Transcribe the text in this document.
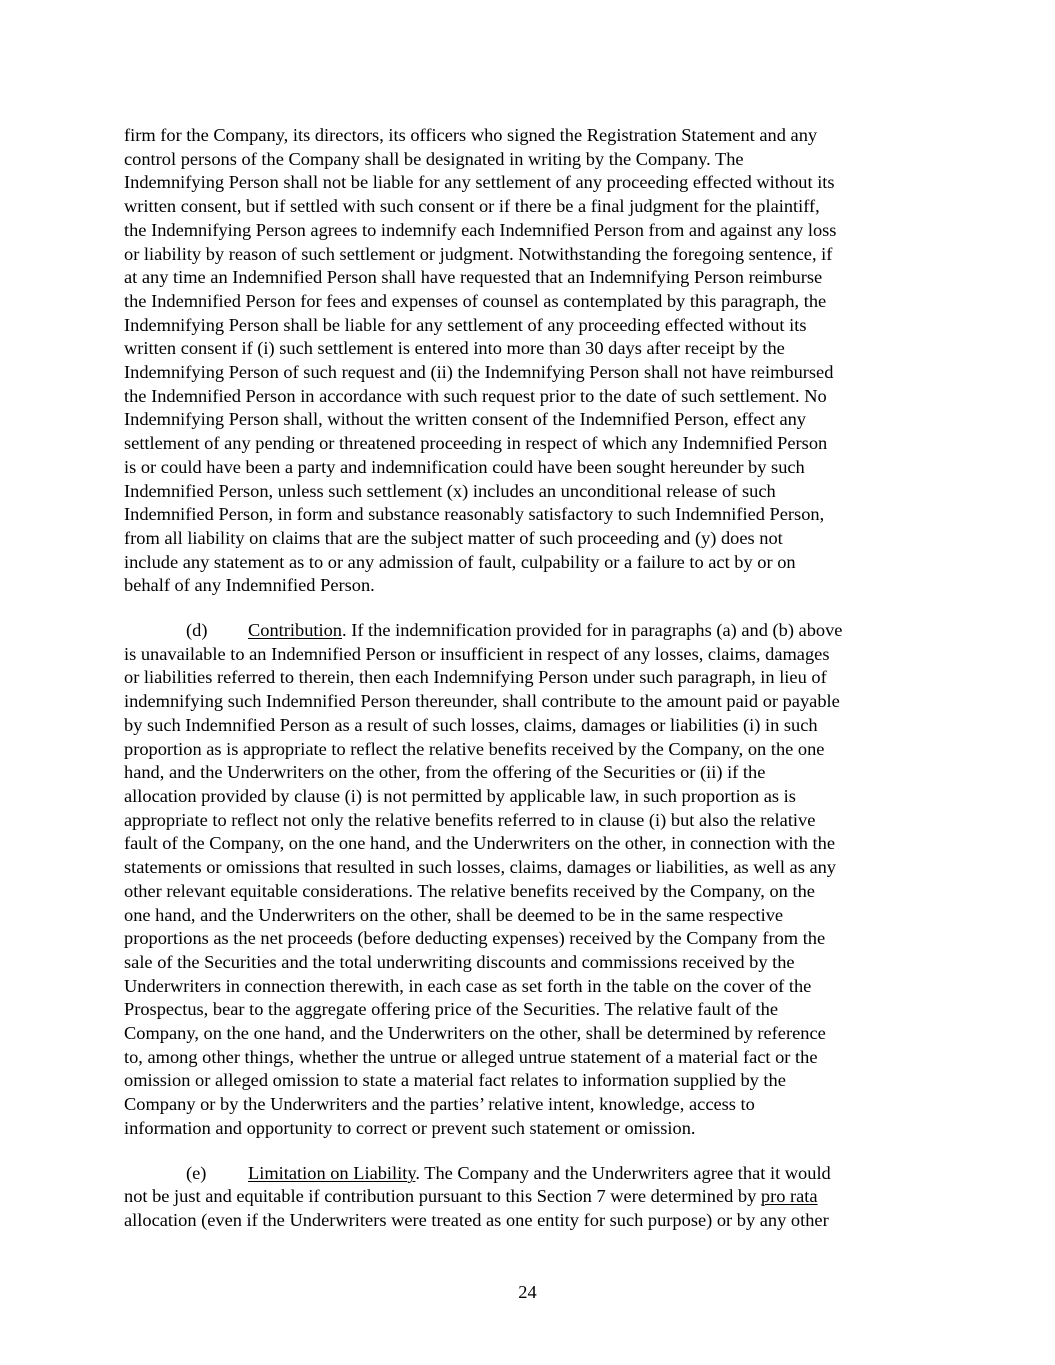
firm for the Company, its directors, its officers who signed the Registration Statement and any
control persons of the Company shall be designated in writing by the Company. The
Indemnifying Person shall not be liable for any settlement of any proceeding effected without its
written consent, but if settled with such consent or if there be a final judgment for the plaintiff,
the Indemnifying Person agrees to indemnify each Indemnified Person from and against any loss
or liability by reason of such settlement or judgment. Notwithstanding the foregoing sentence, if
at any time an Indemnified Person shall have requested that an Indemnifying Person reimburse
the Indemnified Person for fees and expenses of counsel as contemplated by this paragraph, the
Indemnifying Person shall be liable for any settlement of any proceeding effected without its
written consent if (i) such settlement is entered into more than 30 days after receipt by the
Indemnifying Person of such request and (ii) the Indemnifying Person shall not have reimbursed
the Indemnified Person in accordance with such request prior to the date of such settlement. No
Indemnifying Person shall, without the written consent of the Indemnified Person, effect any
settlement of any pending or threatened proceeding in respect of which any Indemnified Person
is or could have been a party and indemnification could have been sought hereunder by such
Indemnified Person, unless such settlement (x) includes an unconditional release of such
Indemnified Person, in form and substance reasonably satisfactory to such Indemnified Person,
from all liability on claims that are the subject matter of such proceeding and (y) does not
include any statement as to or any admission of fault, culpability or a failure to act by or on
behalf of any Indemnified Person.
(d) Contribution. If the indemnification provided for in paragraphs (a) and (b) above
is unavailable to an Indemnified Person or insufficient in respect of any losses, claims, damages
or liabilities referred to therein, then each Indemnifying Person under such paragraph, in lieu of
indemnifying such Indemnified Person thereunder, shall contribute to the amount paid or payable
by such Indemnified Person as a result of such losses, claims, damages or liabilities (i) in such
proportion as is appropriate to reflect the relative benefits received by the Company, on the one
hand, and the Underwriters on the other, from the offering of the Securities or (ii) if the
allocation provided by clause (i) is not permitted by applicable law, in such proportion as is
appropriate to reflect not only the relative benefits referred to in clause (i) but also the relative
fault of the Company, on the one hand, and the Underwriters on the other, in connection with the
statements or omissions that resulted in such losses, claims, damages or liabilities, as well as any
other relevant equitable considerations. The relative benefits received by the Company, on the
one hand, and the Underwriters on the other, shall be deemed to be in the same respective
proportions as the net proceeds (before deducting expenses) received by the Company from the
sale of the Securities and the total underwriting discounts and commissions received by the
Underwriters in connection therewith, in each case as set forth in the table on the cover of the
Prospectus, bear to the aggregate offering price of the Securities. The relative fault of the
Company, on the one hand, and the Underwriters on the other, shall be determined by reference
to, among other things, whether the untrue or alleged untrue statement of a material fact or the
omission or alleged omission to state a material fact relates to information supplied by the
Company or by the Underwriters and the parties’ relative intent, knowledge, access to
information and opportunity to correct or prevent such statement or omission.
(e) Limitation on Liability. The Company and the Underwriters agree that it would
not be just and equitable if contribution pursuant to this Section 7 were determined by pro rata
allocation (even if the Underwriters were treated as one entity for such purpose) or by any other
24
